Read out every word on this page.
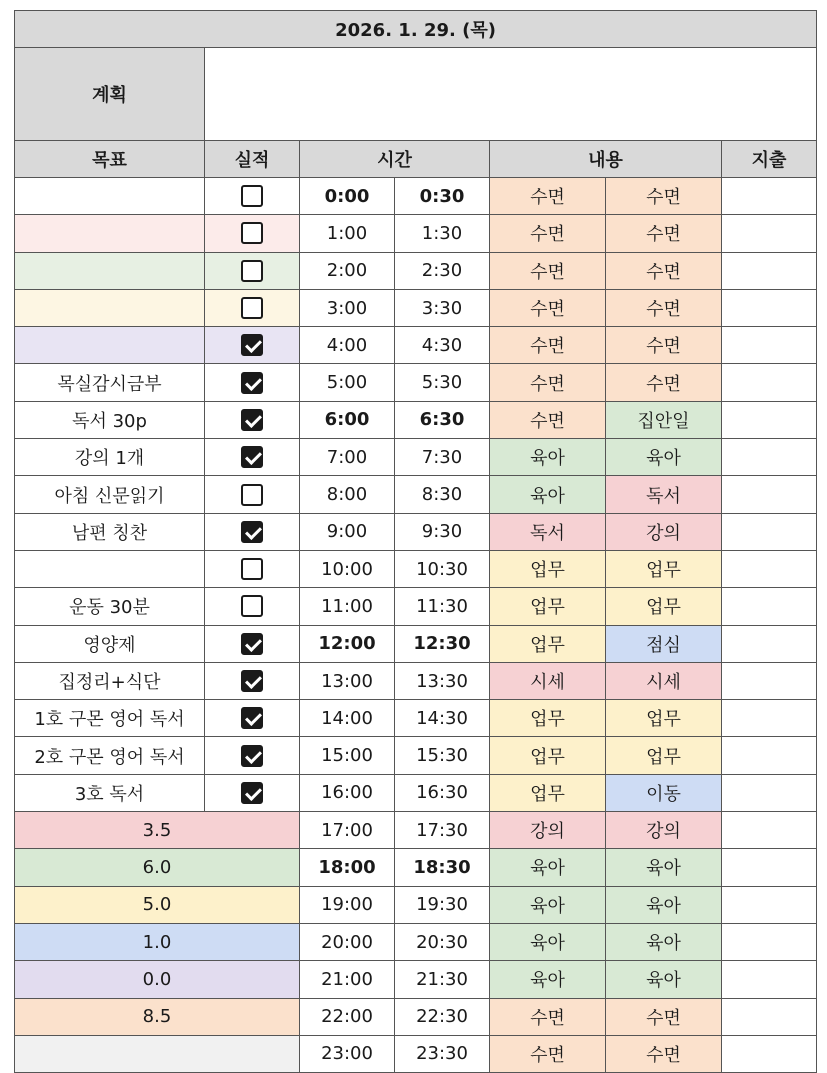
2026. 1. 29. (목)						
계획						
목표	실적	시간		내용		지출
		0:00	0:30	수면	수면	
		1:00	1:30	수면	수면	
		2:00	2:30	수면	수면	
		3:00	3:30	수면	수면	
		4:00	4:30	수면	수면	
목실감시금부		5:00	5:30	수면	수면	
독서 30p		6:00	6:30	수면	집안일	
강의 1개		7:00	7:30	육아	육아	
아침 신문읽기		8:00	8:30	육아	독서	
남편 칭찬		9:00	9:30	독서	강의	
		10:00	10:30	업무	업무	
운동 30분		11:00	11:30	업무	업무	
영양제		12:00	12:30	업무	점심	
집정리+식단		13:00	13:30	시세	시세	
1호 구몬 영어 독서		14:00	14:30	업무	업무	
2호 구몬 영어 독서		15:00	15:30	업무	업무	
3호 독서		16:00	16:30	업무	이동	
3.5		17:00	17:30	강의	강의	
6.0		18:00	18:30	육아	육아	
5.0		19:00	19:30	육아	육아	
1.0		20:00	20:30	육아	육아	
0.0		21:00	21:30	육아	육아	
8.5		22:00	22:30	수면	수면	
		23:00	23:30	수면	수면	
